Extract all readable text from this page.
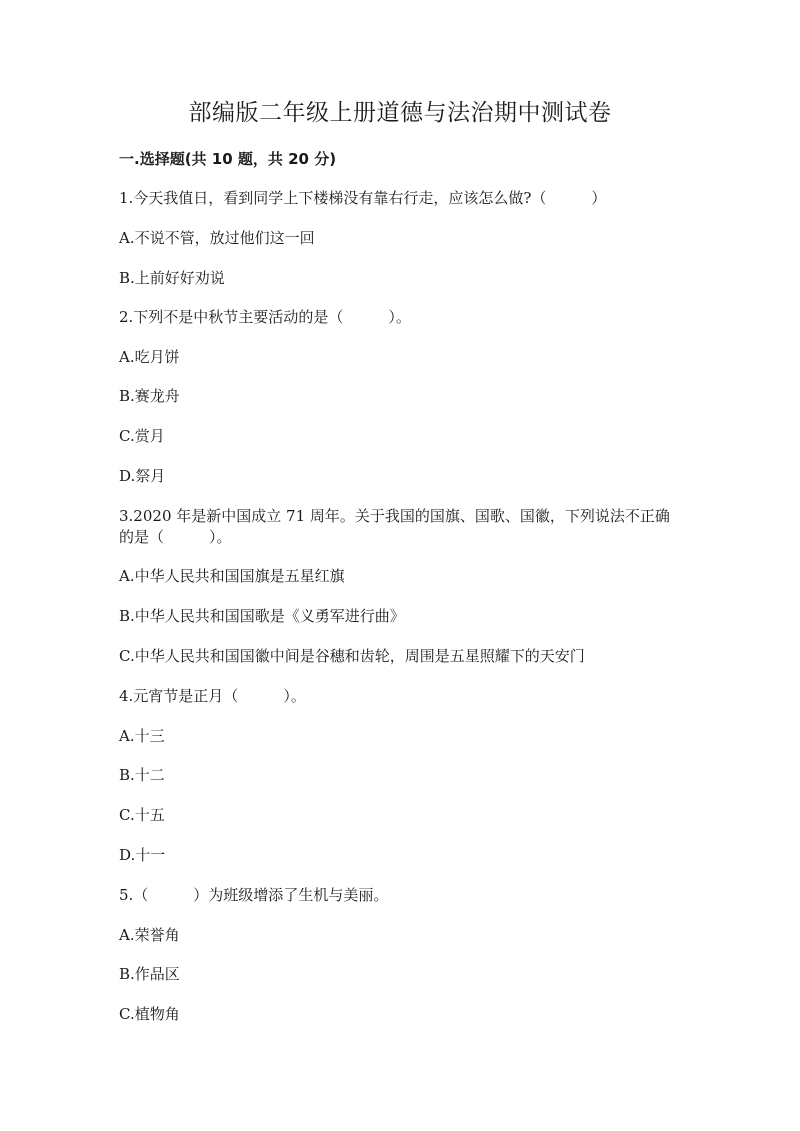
部编版二年级上册道德与法治期中测试卷
一.选择题(共 10 题，共 20 分)
1.今天我值日，看到同学上下楼梯没有靠右行走，应该怎么做?（　　　）
A.不说不管，放过他们这一回
B.上前好好劝说
2.下列不是中秋节主要活动的是（　　　）。
A.吃月饼
B.赛龙舟
C.赏月
D.祭月
3.2020 年是新中国成立 71 周年。关于我国的国旗、国歌、国徽，下列说法不正确的是（　　　）。
A.中华人民共和国国旗是五星红旗
B.中华人民共和国国歌是《义勇军进行曲》
C.中华人民共和国国徽中间是谷穗和齿轮，周围是五星照耀下的天安门
4.元宵节是正月（　　　）。
A.十三
B.十二
C.十五
D.十一
5.（　　　）为班级增添了生机与美丽。
A.荣誉角
B.作品区
C.植物角
